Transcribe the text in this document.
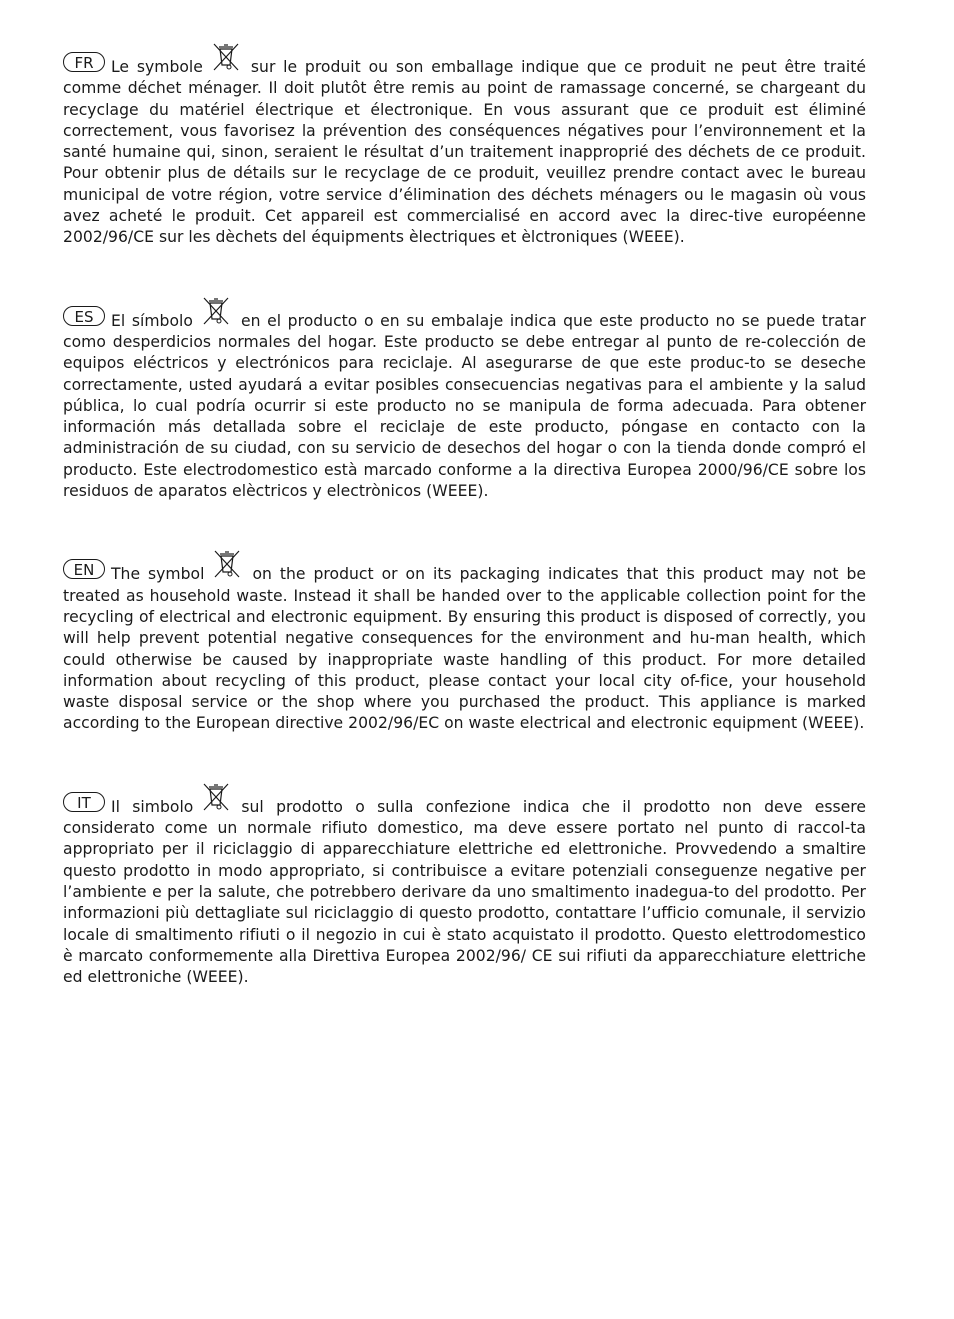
FR Le symbole	sur le produit ou son emballage indique que ce produit ne peut être traité comme déchet ménager. Il doit plutôt être remis au point de ramassage concerné, se chargeant du recyclage du matériel électrique et électronique. En vous assurant que ce produit est éliminé correctement, vous favorisez la prévention des conséquences négatives pour l’environnement et la santé humaine qui, sinon, seraient le résultat d’un traitement inapproprié des déchets de ce produit. Pour obtenir plus de détails sur le recyclage de ce produit, veuillez prendre contact avec le bureau municipal de votre région, votre service d’élimination des déchets ménagers ou le magasin où vous avez acheté le produit. Cet appareil est commercialisé en accord avec la direc-tive européenne 2002/96/CE sur les dèchets del équipments èlectriques et èlctroniques (WEEE).

ES El símbolo	en el producto o en su embalaje indica que este producto no se puede tratar como desperdicios normales del hogar. Este producto se debe entregar al punto de re-colección de equipos eléctricos y electrónicos para reciclaje. Al asegurarse de que este produc-to se deseche correctamente, usted ayudará a evitar posibles consecuencias negativas para el ambiente y la salud pública, lo cual podría ocurrir si este producto no se manipula de forma adecuada. Para obtener información más detallada sobre el reciclaje de este producto, póngase en contacto con la administración de su ciudad, con su servicio de desechos del hogar o con la tienda donde compró el producto. Este electrodomestico està marcado conforme a la directiva Europea 2000/96/CE sobre los residuos de aparatos elèctricos y electrònicos (WEEE).

EN The symbol	on the product or on its packaging indicates that this product may not be treated as household waste. Instead it shall be handed over to the applicable collection point for the recycling of electrical and electronic equipment. By ensuring this product is disposed of correctly, you will help prevent potential negative consequences for the environment and hu-man health, which could otherwise be caused by inappropriate waste handling of this product. For more detailed information about recycling of this product, please contact your local city of-fice, your household waste disposal service or the shop where you purchased the product. This appliance is marked according to the European directive 2002/96/EC on waste electrical and electronic equipment (WEEE).

IT Il simbolo	sul prodotto o sulla confezione indica che il prodotto non deve essere considerato come un normale rifiuto domestico, ma deve essere portato nel punto di raccol-ta appropriato per il riciclaggio di apparecchiature elettriche ed elettroniche. Provvedendo a smaltire questo prodotto in modo appropriato, si contribuisce a evitare potenziali conseguenze negative per l’ambiente e per la salute, che potrebbero derivare da uno smaltimento inadegua-to del prodotto. Per informazioni più dettagliate sul riciclaggio di questo prodotto, contattare l’ufficio comunale, il servizio locale di smaltimento rifiuti o il negozio in cui è stato acquistato il prodotto. Questo elettrodomestico è marcato conformemente alla Direttiva Europea 2002/96/ CE sui rifiuti da apparecchiature elettriche ed elettroniche (WEEE).
